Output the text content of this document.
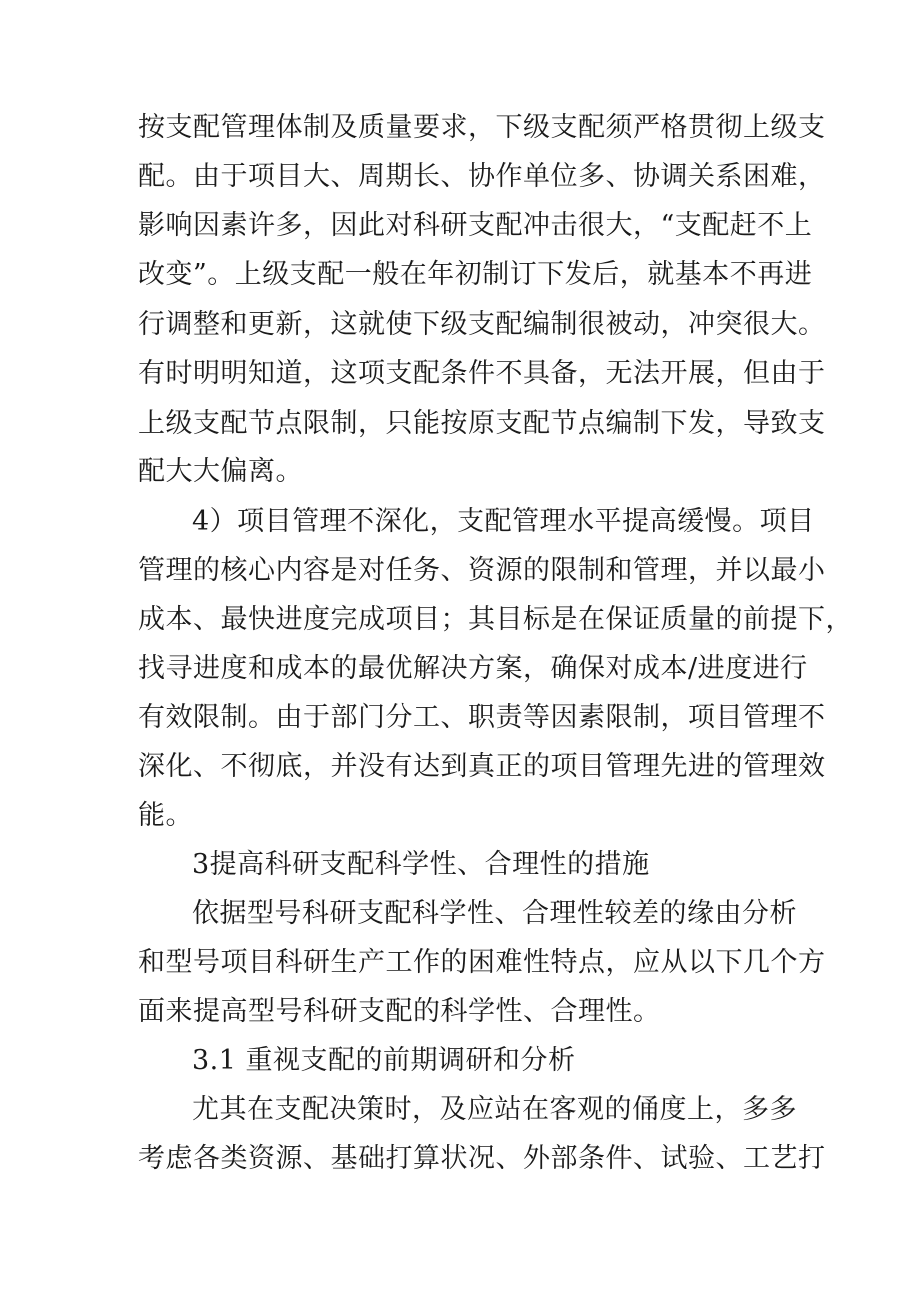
按支配管理体制及质量要求，下级支配须严格贯彻上级支
配。由于项目大、周期长、协作单位多、协调关系困难，
影响因素许多，因此对科研支配冲击很大，“支配赶不上
改变”。上级支配一般在年初制订下发后，就基本不再进
行调整和更新，这就使下级支配编制很被动，冲突很大。
有时明明知道，这项支配条件不具备，无法开展，但由于
上级支配节点限制，只能按原支配节点编制下发，导致支
配大大偏离。
4）项目管理不深化，支配管理水平提高缓慢。项目
管理的核心内容是对任务、资源的限制和管理，并以最小
成本、最快进度完成项目；其目标是在保证质量的前提下，
找寻进度和成本的最优解决方案，确保对成本/进度进行
有效限制。由于部门分工、职责等因素限制，项目管理不
深化、不彻底，并没有达到真正的项目管理先进的管理效
能。
3提高科研支配科学性、合理性的措施
依据型号科研支配科学性、合理性较差的缘由分析
和型号项目科研生产工作的困难性特点，应从以下几个方
面来提高型号科研支配的科学性、合理性。
3.1 重视支配的前期调研和分析
尤其在支配决策时，及应站在客观的俑度上，多多
考虑各类资源、基础打算状况、外部条件、试验、工艺打
